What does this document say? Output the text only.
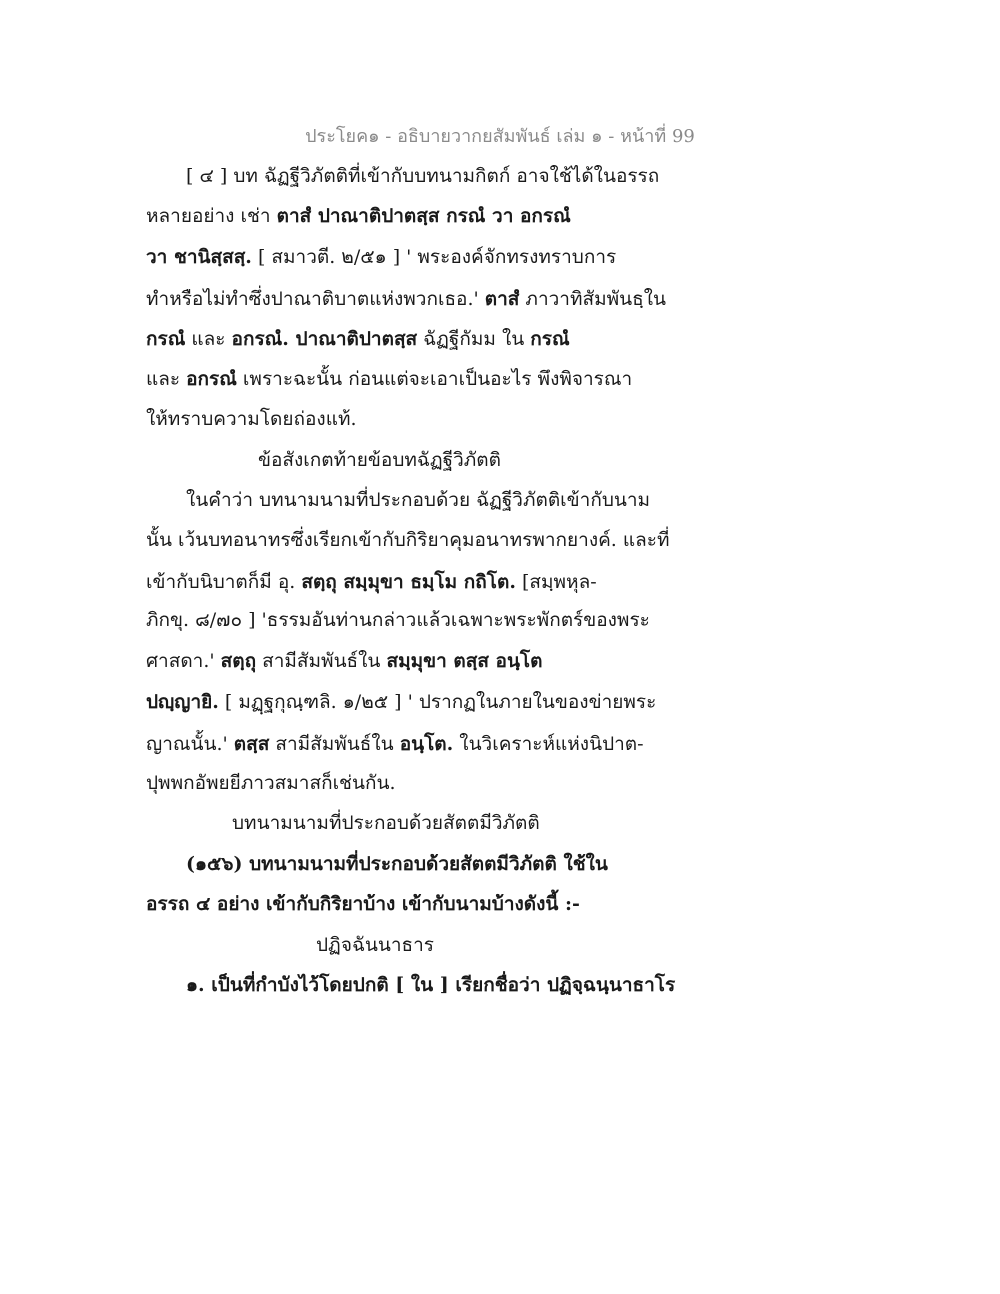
ประโยค๑ - อธิบายวากยสัมพันธ์ เล่ม ๑ - หน้าที่ 99
[ ๔ ] บท ฉัฏฐีวิภัตติที่เข้ากับบทนามกิตก์ อาจใช้ได้ในอรรถ
หลายอย่าง เช่า ตาสํ ปาณาติปาตสฺส กรณํ วา อกรณํ
วา ชานิสฺสสฺ. [ สมาวตี. ๒/๕๑ ] ' พระองค์จักทรงทราบการ
ทำหรือไม่ทำซึ่งปาณาติบาตแห่งพวกเธอ.' ตาสํ ภาวาทิสัมพันธฺใน
กรณํ และ อกรณํ. ปาณาติปาตสฺส ฉัฏฐีกัมม ใน กรณํ
และ อกรณํ เพราะฉะนั้น ก่อนแต่จะเอาเป็นอะไร พึงพิจารณา
ให้ทราบความโดยถ่องแท้.
ข้อสังเกตท้ายข้อบทฉัฏฐีวิภัตติ
ในคำว่า บทนามนามที่ประกอบด้วย ฉัฏฐีวิภัตติเข้ากับนาม
นั้น เว้นบทอนาทรซึ่งเรียกเข้ากับกิริยาคุมอนาทรพากยางค์. และที่
เข้ากับนิบาตก็มี อุ. สตฺถุ สมฺมุขา ธมฺโม กถิโต. [สมฺพหุล-
ภิกขุ. ๘/๗๐ ] 'ธรรมอันท่านกล่าวแล้วเฉพาะพระพักตร์ของพระ
ศาสดา.' สตฺถุ สามีสัมพันธ์ใน สมฺมุขา ตสฺส อนฺโต
ปญฺญายิ. [ มฏฺฐกุณฺฑลิ. ๑/๒๕ ] ' ปรากฏในภายในของข่ายพระ
ญาณนั้น.' ตสฺส สามีสัมพันธ์ใน อนฺโต. ในวิเคราะห์แห่งนิปาต-
ปุพพกอัพยยีภาวสมาสก็เช่นกัน.
บทนามนามที่ประกอบด้วยสัตตมีวิภัตติ
(๑๕๖) บทนามนามที่ประกอบด้วยสัตตมีวิภัตติ ใช้ใน
อรรถ ๔ อย่าง เข้ากับกิริยาบ้าง เข้ากับนามบ้างดังนี้ :-
ปฏิจฉันนาธาร
๑. เป็นที่กำบังไว้โดยปกติ [ ใน ] เรียกชื่อว่า ปฏิจฺฉนฺนาธาโร
